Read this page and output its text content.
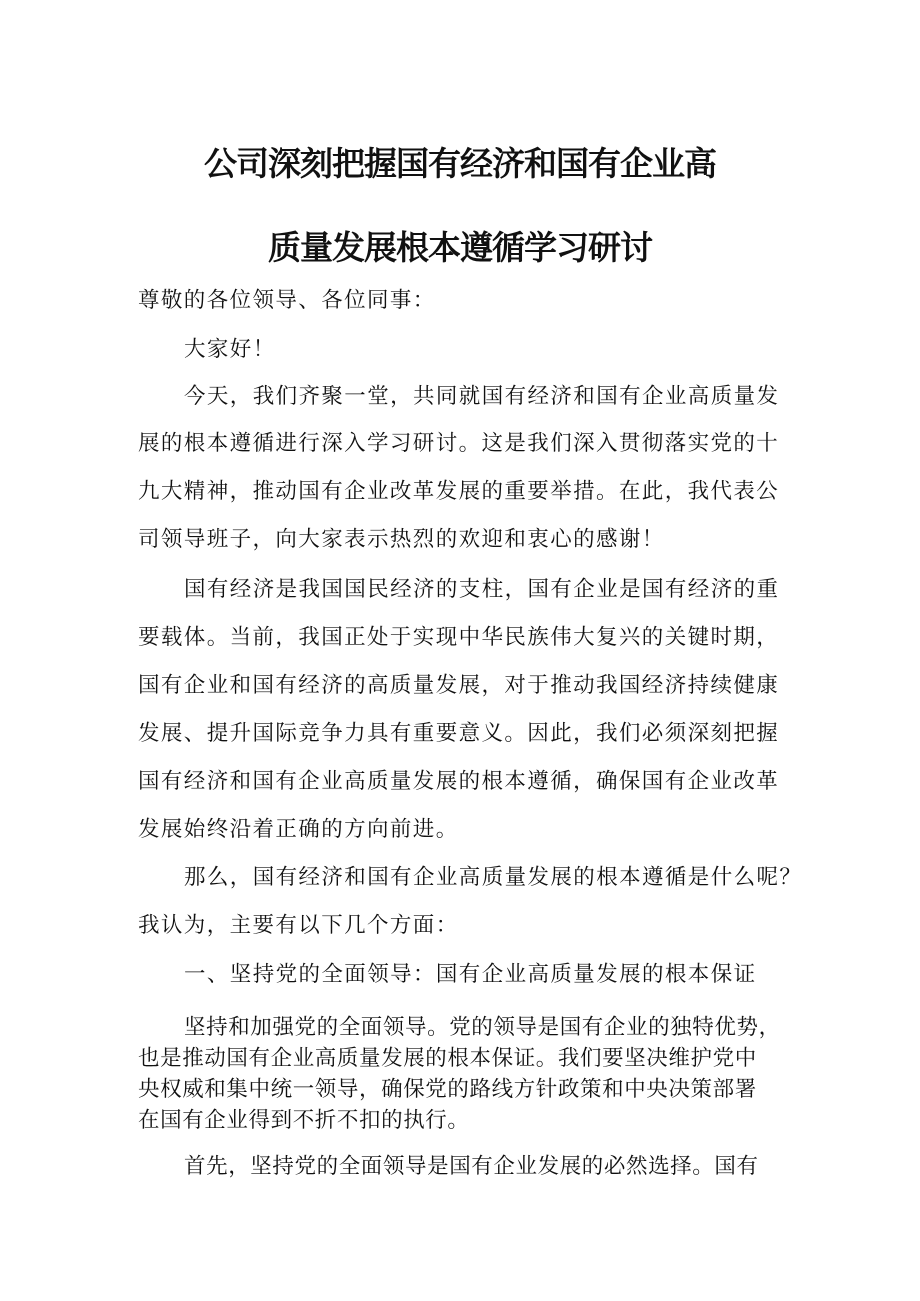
公司深刻把握国有经济和国有企业高
质量发展根本遵循学习研讨
尊敬的各位领导、各位同事：
大家好！
今天，我们齐聚一堂，共同就国有经济和国有企业高质量发
展的根本遵循进行深入学习研讨。这是我们深入贯彻落实党的十
九大精神，推动国有企业改革发展的重要举措。在此，我代表公
司领导班子，向大家表示热烈的欢迎和衷心的感谢！
国有经济是我国国民经济的支柱，国有企业是国有经济的重
要载体。当前，我国正处于实现中华民族伟大复兴的关键时期，
国有企业和国有经济的高质量发展，对于推动我国经济持续健康
发展、提升国际竞争力具有重要意义。因此，我们必须深刻把握
国有经济和国有企业高质量发展的根本遵循，确保国有企业改革
发展始终沿着正确的方向前进。
那么，国有经济和国有企业高质量发展的根本遵循是什么呢？
我认为，主要有以下几个方面：
一、坚持党的全面领导：国有企业高质量发展的根本保证
坚持和加强党的全面领导。党的领导是国有企业的独特优势，
也是推动国有企业高质量发展的根本保证。我们要坚决维护党中
央权威和集中统一领导，确保党的路线方针政策和中央决策部署
在国有企业得到不折不扣的执行。
首先，坚持党的全面领导是国有企业发展的必然选择。国有
